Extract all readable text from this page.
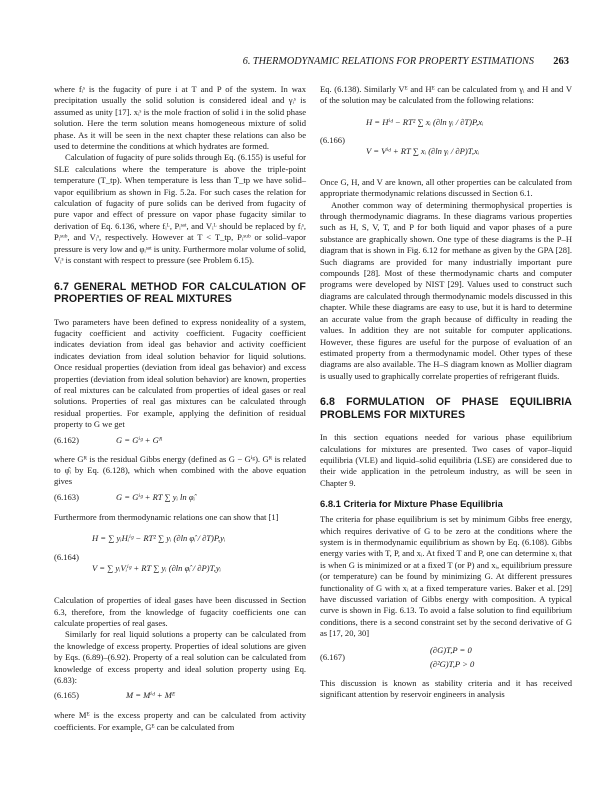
6. THERMODYNAMIC RELATIONS FOR PROPERTY ESTIMATIONS 263

where fᵢˢ is the fugacity of pure i at T and P of the system. In wax precipitation usually the solid solution is considered ideal and γᵢˢ is assumed as unity [17]. xᵢˢ is the mole fraction of solid i in the solid phase solution. Here the term solution means homogeneous mixture of solid phase. As it will be seen in the next chapter these relations can also be used to determine the conditions at which hydrates are formed.

Calculation of fugacity of pure solids through Eq. (6.155) is useful for SLE calculations where the temperature is above the triple-point temperature (T_tp). When temperature is less than T_tp we have solid–vapor equilibrium as shown in Fig. 5.2a. For such cases the relation for calculation of fugacity of pure solids can be derived from fugacity of pure vapor and effect of pressure on vapor phase fugacity similar to derivation of Eq. 6.136, where fᵢᴸ, Pᵢˢᵃᵗ, and Vᵢᴸ should be replaced by fᵢˢ, Pᵢˢᵘᵇ, and Vᵢˢ, respectively. However at T < T_tp, Pᵢˢᵘᵇ or solid–vapor pressure is very low and φᵢˢᵃᵗ is unity. Furthermore molar volume of solid, Vᵢˢ is constant with respect to pressure (see Problem 6.15).

6.7 GENERAL METHOD FOR CALCULATION OF PROPERTIES OF REAL MIXTURES

Two parameters have been defined to express nonideality of a system, fugacity coefficient and activity coefficient. Fugacity coefficient indicates deviation from ideal gas behavior and activity coefficient indicates deviation from ideal solution behavior for liquid solutions. Once residual properties (deviation from ideal gas behavior) and excess properties (deviation from ideal solution behavior) are known, properties of real mixtures can be calculated from properties of ideal gases or real solutions. Properties of real gas mixtures can be calculated through residual properties. For example, applying the definition of residual property to G we get

(6.162)	G = Gⁱᵍ + Gᴿ

where Gᴿ is the residual Gibbs energy (defined as G − Gⁱᵍ). Gᴿ is related to φ̂ᵢ by Eq. (6.128), which when combined with the above equation gives

(6.163)	G = Gⁱᵍ + RT ∑ yᵢ ln φ̂ᵢ

Furthermore from thermodynamic relations one can show that [1]

(6.164)
H = ∑ yᵢHᵢⁱᵍ − RT² ∑ yᵢ (∂ln φ̂ᵢ / ∂T)P,yᵢ
V = ∑ yᵢVᵢⁱᵍ + RT ∑ yᵢ (∂ln φ̂ᵢ / ∂P)T,yᵢ

Calculation of properties of ideal gases have been discussed in Section 6.3, therefore, from the knowledge of fugacity coefficients one can calculate properties of real gases.

Similarly for real liquid solutions a property can be calculated from the knowledge of excess property. Properties of ideal solutions are given by Eqs. (6.89)–(6.92). Property of a real solution can be calculated from knowledge of excess property and ideal solution property using Eq. (6.83):

(6.165)	M = Mⁱᵈ + Mᴱ

where Mᴱ is the excess property and can be calculated from activity coefficients. For example, Gᴱ can be calculated from

Eq. (6.138). Similarly Vᴱ and Hᴱ can be calculated from γᵢ and H and V of the solution may be calculated from the following relations:

(6.166)
H = Hⁱᵈ − RT² ∑ xᵢ (∂ln γᵢ / ∂T)P,xᵢ
V = Vⁱᵈ + RT ∑ xᵢ (∂ln γᵢ / ∂P)T,xᵢ

Once G, H, and V are known, all other properties can be calculated from appropriate thermodynamic relations discussed in Section 6.1.

Another common way of determining thermophysical properties is through thermodynamic diagrams. In these diagrams various properties such as H, S, V, T, and P for both liquid and vapor phases of a pure substance are graphically shown. One type of these diagrams is the P–H diagram that is shown in Fig. 6.12 for methane as given by the GPA [28]. Such diagrams are provided for many industrially important pure compounds [28]. Most of these thermodynamic charts and computer programs were developed by NIST [29]. Values used to construct such diagrams are calculated through thermodynamic models discussed in this chapter. While these diagrams are easy to use, but it is hard to determine an accurate value from the graph because of difficulty in reading the values. In addition they are not suitable for computer applications. However, these figures are useful for the purpose of evaluation of an estimated property from a thermodynamic model. Other types of these diagrams are also available. The H–S diagram known as Mollier diagram is usually used to graphically correlate properties of refrigerant fluids.

6.8 FORMULATION OF PHASE EQUILIBRIA PROBLEMS FOR MIXTURES

In this section equations needed for various phase equilibrium calculations for mixtures are presented. Two cases of vapor–liquid equilibria (VLE) and liquid–solid equilibria (LSE) are considered due to their wide application in the petroleum industry, as will be seen in Chapter 9.

6.8.1 Criteria for Mixture Phase Equilibria

The criteria for phase equilibrium is set by minimum Gibbs free energy, which requires derivative of G to be zero at the conditions where the system is in thermodynamic equilibrium as shown by Eq. (6.108). Gibbs energy varies with T, P, and xᵢ. At fixed T and P, one can determine xᵢ that is when G is minimized or at a fixed T (or P) and xᵢ, equilibrium pressure (or temperature) can be found by minimizing G. At different pressures functionality of G with xᵢ at a fixed temperature varies. Baker et al. [29] have discussed variation of Gibbs energy with composition. A typical curve is shown in Fig. 6.13. To avoid a false solution to find equilibrium conditions, there is a second constraint set by the second derivative of G as [17, 20, 30]

(6.167)
(∂G)T,P = 0
(∂²G)T,P > 0

This discussion is known as stability criteria and it has received significant attention by reservoir engineers in analysis
